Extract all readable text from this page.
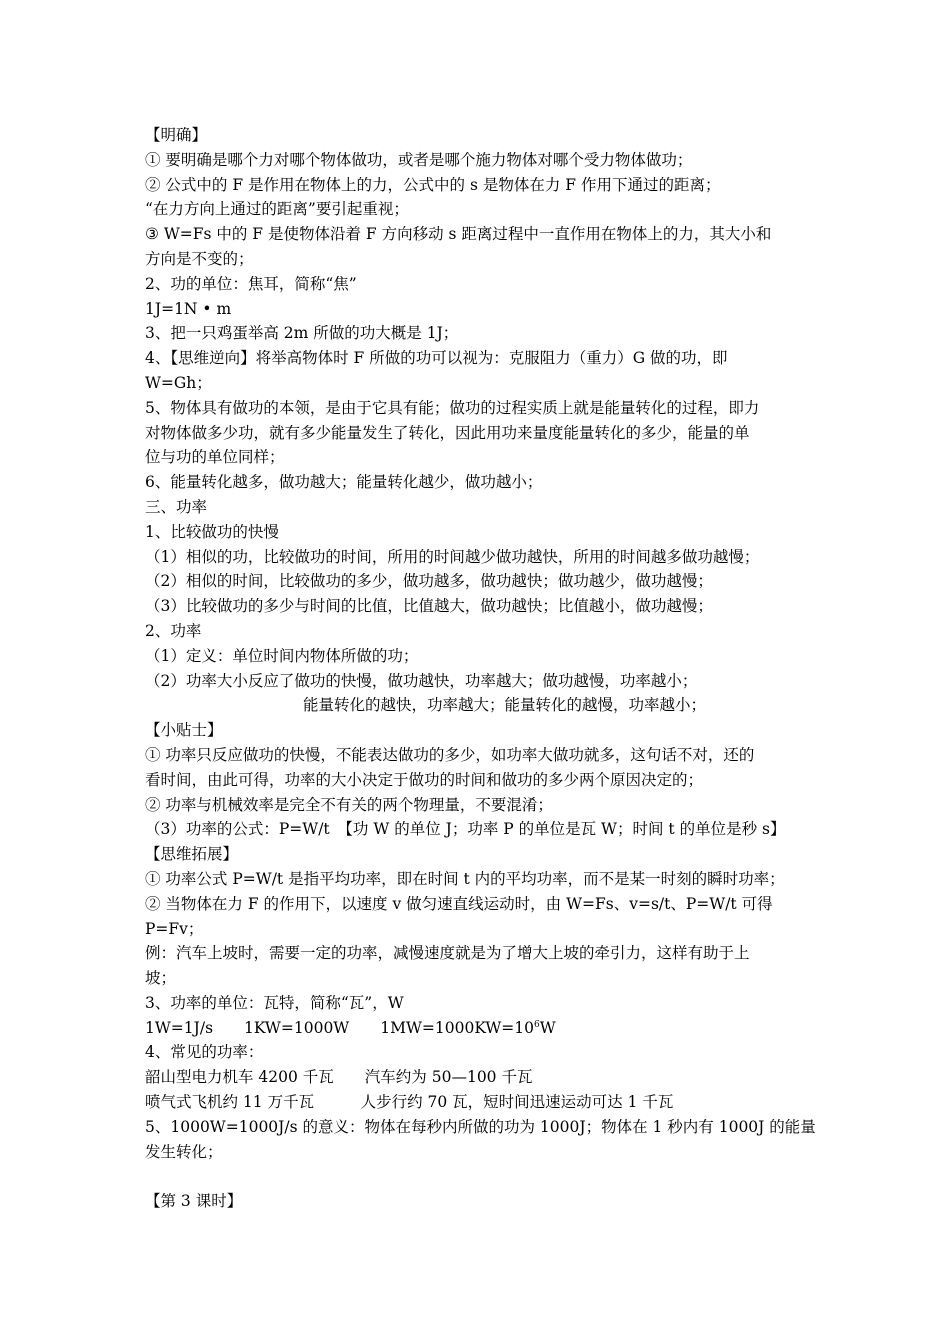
【明确】
① 要明确是哪个力对哪个物体做功，或者是哪个施力物体对哪个受力物体做功；
② 公式中的 F 是作用在物体上的力，公式中的 s 是物体在力 F 作用下通过的距离；
“在力方向上通过的距离”要引起重视；
③ W=Fs 中的 F 是使物体沿着 F 方向移动 s 距离过程中一直作用在物体上的力，其大小和
方向是不变的；
2、功的单位：焦耳，简称“焦”
1J=1N • m
3、把一只鸡蛋举高 2m 所做的功大概是 1J；
4、【思维逆向】将举高物体时 F 所做的功可以视为：克服阻力（重力）G 做的功，即
W=Gh；
5、物体具有做功的本领，是由于它具有能；做功的过程实质上就是能量转化的过程，即力
对物体做多少功，就有多少能量发生了转化，因此用功来量度能量转化的多少，能量的单
位与功的单位同样；
6、能量转化越多，做功越大；能量转化越少，做功越小；
三、功率
1、比较做功的快慢
（1）相似的功，比较做功的时间，所用的时间越少做功越快，所用的时间越多做功越慢；
（2）相似的时间，比较做功的多少，做功越多，做功越快；做功越少，做功越慢；
（3）比较做功的多少与时间的比值，比值越大，做功越快；比值越小，做功越慢；
2、功率
（1）定义：单位时间内物体所做的功；
（2）功率大小反应了做功的快慢，做功越快，功率越大；做功越慢，功率越小；
能量转化的越快，功率越大；能量转化的越慢，功率越小；
【小贴士】
① 功率只反应做功的快慢，不能表达做功的多少，如功率大做功就多，这句话不对，还的
看时间，由此可得，功率的大小决定于做功的时间和做功的多少两个原因决定的；
② 功率与机械效率是完全不有关的两个物理量，不要混淆；
（3）功率的公式：P=W/t　【功 W 的单位 J；功率 P 的单位是瓦 W；时间 t 的单位是秒 s】
【思维拓展】
① 功率公式 P=W/t 是指平均功率，即在时间 t 内的平均功率，而不是某一时刻的瞬时功率；
② 当物体在力 F 的作用下，以速度 v 做匀速直线运动时，由 W=Fs、v=s/t、P=W/t 可得
P=Fv；
例：汽车上坡时，需要一定的功率，减慢速度就是为了增大上坡的牵引力，这样有助于上
坡；
3、功率的单位：瓦特，简称“瓦”，W
1W=1J/s   1KW=1000W   $1MW=1000KW=10^6W$
4、常见的功率：
韶山型电力机车 4200 千瓦　　汽车约为 50—100 千瓦
喷气式飞机约 11 万千瓦　　　人步行约 70 瓦，短时间迅速运动可达 1 千瓦
5、1000W=1000J/s 的意义：物体在每秒内所做的功为 1000J；物体在 1 秒内有 1000J 的能量
发生转化；
【第 3 课时】
